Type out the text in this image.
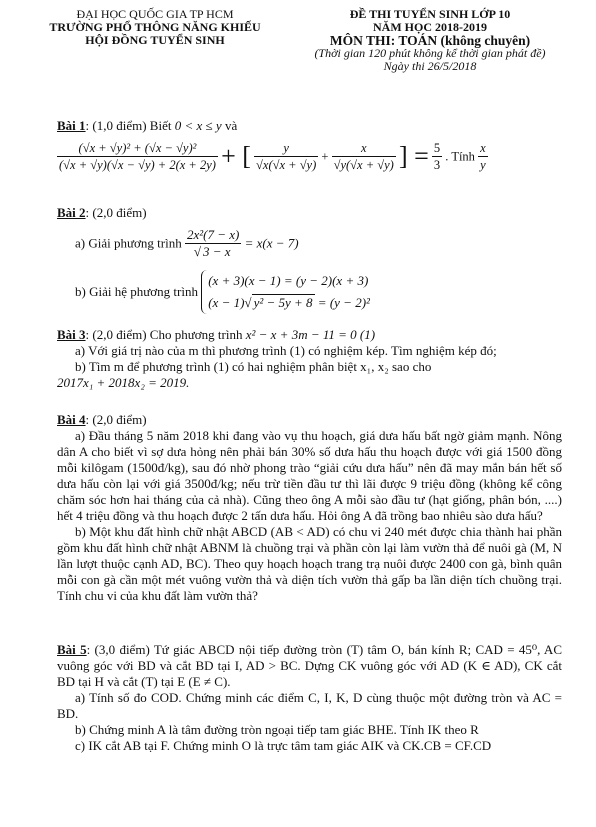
ĐẠI HỌC QUỐC GIA TP HCM
TRƯỜNG PHỔ THÔNG NĂNG KHIẾU
HỘI ĐỒNG TUYỂN SINH
ĐỀ THI TUYỂN SINH LỚP 10
NĂM HỌC 2018-2019
MÔN THI: TOÁN (không chuyên)
(Thời gian 120 phút không kể thời gian phát đề)
Ngày thi 26/5/2018
Bài 1: (1,0 điểm) Biết 0 < x ≤ y và
$\frac{\text{(√x + √y)² + (√x − √y)²}}{(√x + √y)(√x - √y) + 2(x + 2y)}$ + [ $\frac{y}{√x(√x + √y)} + \frac{x}{√y(√x + √y)}$ ] = $\frac{5}{3}$ . Tính $\frac{x}{y}$
Bài 2: (2,0 điểm)
a) Giải phương trình $\frac{\text{2x²(7 − x)}}{√ 3 - x} = x(x - 7)$
b) Giải hệ phương trình
(x + 3)(x − 1) = (y − 2)(x + 3)
(x − 1)√ y² − 5y + 8 = (y − 2)²
Bài 3: (2,0 điểm) Cho phương trình x² − x + 3m − 11 = 0 (1)
a) Với giá trị nào của m thì phương trình (1) có nghiệm kép. Tìm nghiệm kép đó;
b) Tìm m để phương trình (1) có hai nghiệm phân biệt x₁, x₂ sao cho
2017x₁ + 2018x₂ = 2019.
Bài 4: (2,0 điểm)
a) Đầu tháng 5 năm 2018 khi đang vào vụ thu hoạch, giá dưa hấu bất ngờ giảm mạnh. Nông dân A cho biết vì sợ dưa hỏng nên phải bán 30% số dưa hấu thu hoạch được với giá 1500 đồng mỗi kilôgam (1500đ/kg), sau đó nhờ phong trào “giải cứu dưa hấu” nên đã may mắn bán hết số dưa hấu còn lại với giá 3500đ/kg; nếu trừ tiền đầu tư thì lãi được 9 triệu đồng (không kể công chăm sóc hơn hai tháng của cả nhà). Cũng theo ông A mỗi sào đầu tư (hạt giống, phân bón, ....) hết 4 triệu đồng và thu hoạch được 2 tấn dưa hấu. Hỏi ông A đã trồng bao nhiêu sào dưa hấu?
b) Một khu đất hình chữ nhật ABCD (AB < AD) có chu vi 240 mét được chia thành hai phần gồm khu đất hình chữ nhật ABNM là chuồng trại và phần còn lại làm vườn thả để nuôi gà (M, N lần lượt thuộc cạnh AD, BC). Theo quy hoạch hoạch trang trạ nuôi được 2400 con gà, bình quân mỗi con gà cần một mét vuông vườn thả và diện tích vườn thả gấp ba lần diện tích chuồng trại. Tính chu vi của khu đất làm vườn thả?
Bài 5: (3,0 điểm) Tứ giác ABCD nội tiếp đường tròn (T) tâm O, bán kính R; CAD = 45⁰, AC vuông góc với BD và cắt BD tại I, AD > BC. Dựng CK vuông góc với AD (K ∈ AD), CK cắt BD tại H và cắt (T) tại E (E ≠ C).
a) Tính số đo COD. Chứng minh các điểm C, I, K, D cùng thuộc một đường tròn và AC = BD.
b) Chứng minh A là tâm đường tròn ngoại tiếp tam giác BHE. Tính IK theo R
c) IK cắt AB tại F. Chứng minh O là trực tâm tam giác AIK và CK.CB = CF.CD
